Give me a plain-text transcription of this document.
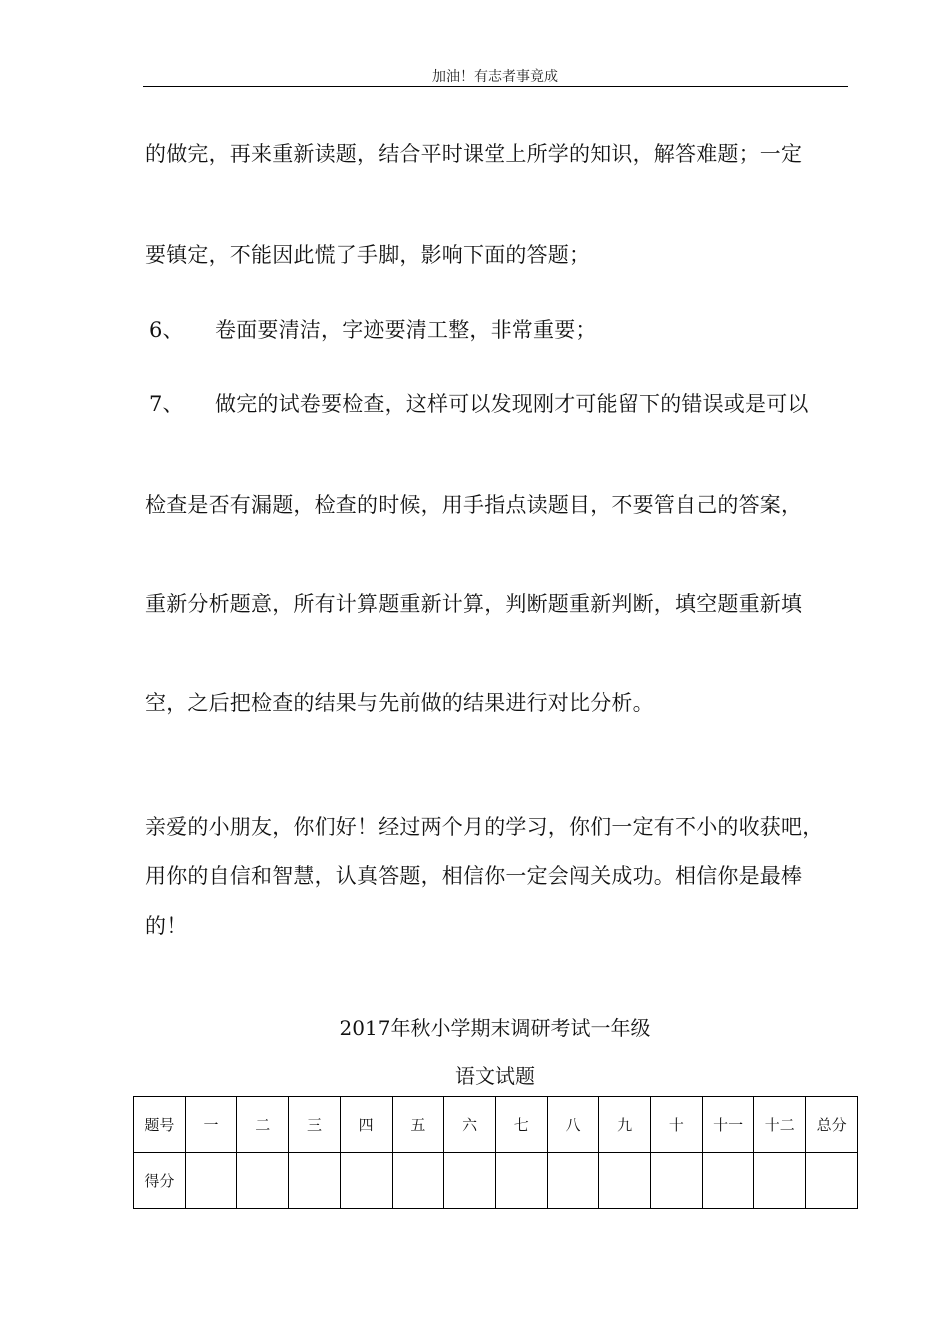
加油！有志者事竟成
的做完，再来重新读题，结合平时课堂上所学的知识，解答难题；一定
要镇定，不能因此慌了手脚，影响下面的答题；
6、 卷面要清洁，字迹要清工整，非常重要；
7、 做完的试卷要检查，这样可以发现刚才可能留下的错误或是可以
检查是否有漏题，检查的时候，用手指点读题目，不要管自己的答案，
重新分析题意，所有计算题重新计算，判断题重新判断，填空题重新填
空，之后把检查的结果与先前做的结果进行对比分析。
亲爱的小朋友，你们好！经过两个月的学习，你们一定有不小的收获吧，
用你的自信和智慧，认真答题，相信你一定会闯关成功。相信你是最棒
的！
2017年秋小学期末调研考试一年级
语文试题
题号	一	二	三	四	五	六	七	八	九	十	十一	十二	总分
得分													
